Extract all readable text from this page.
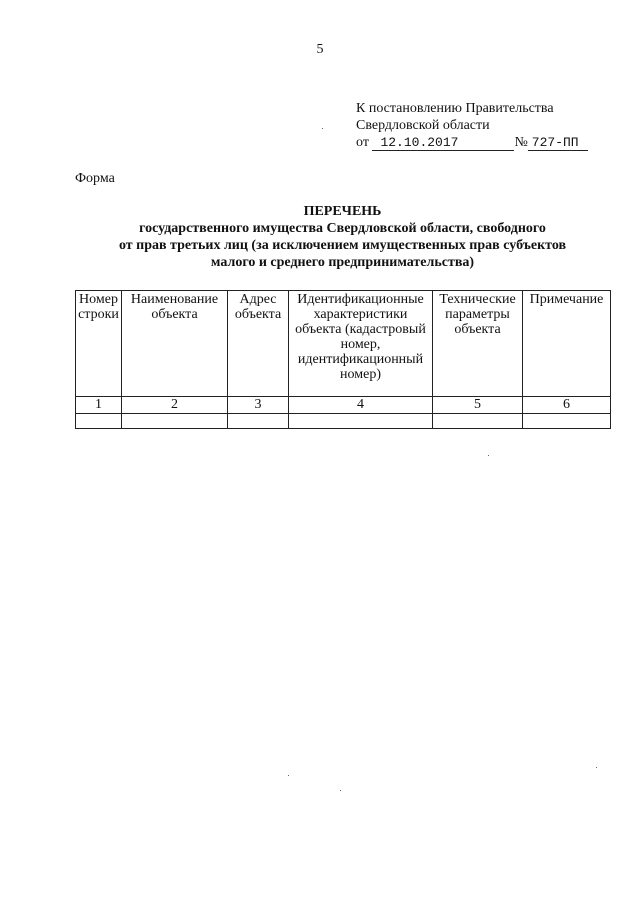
5
К постановлению Правительства
Свердловской области
от 12.10.2017	№ 727-ПП
Форма
ПЕРЕЧЕНЬ
государственного имущества Свердловской области, свободного
от прав третьих лиц (за исключением имущественных прав субъектов
малого и среднего предпринимательства)
Номер строки	Наименование объекта	Адрес объекта	Идентификационные характеристики объекта (кадастровый номер, идентификационный номер)	Технические параметры объекта	Примечание
1	2	3	4	5	6
